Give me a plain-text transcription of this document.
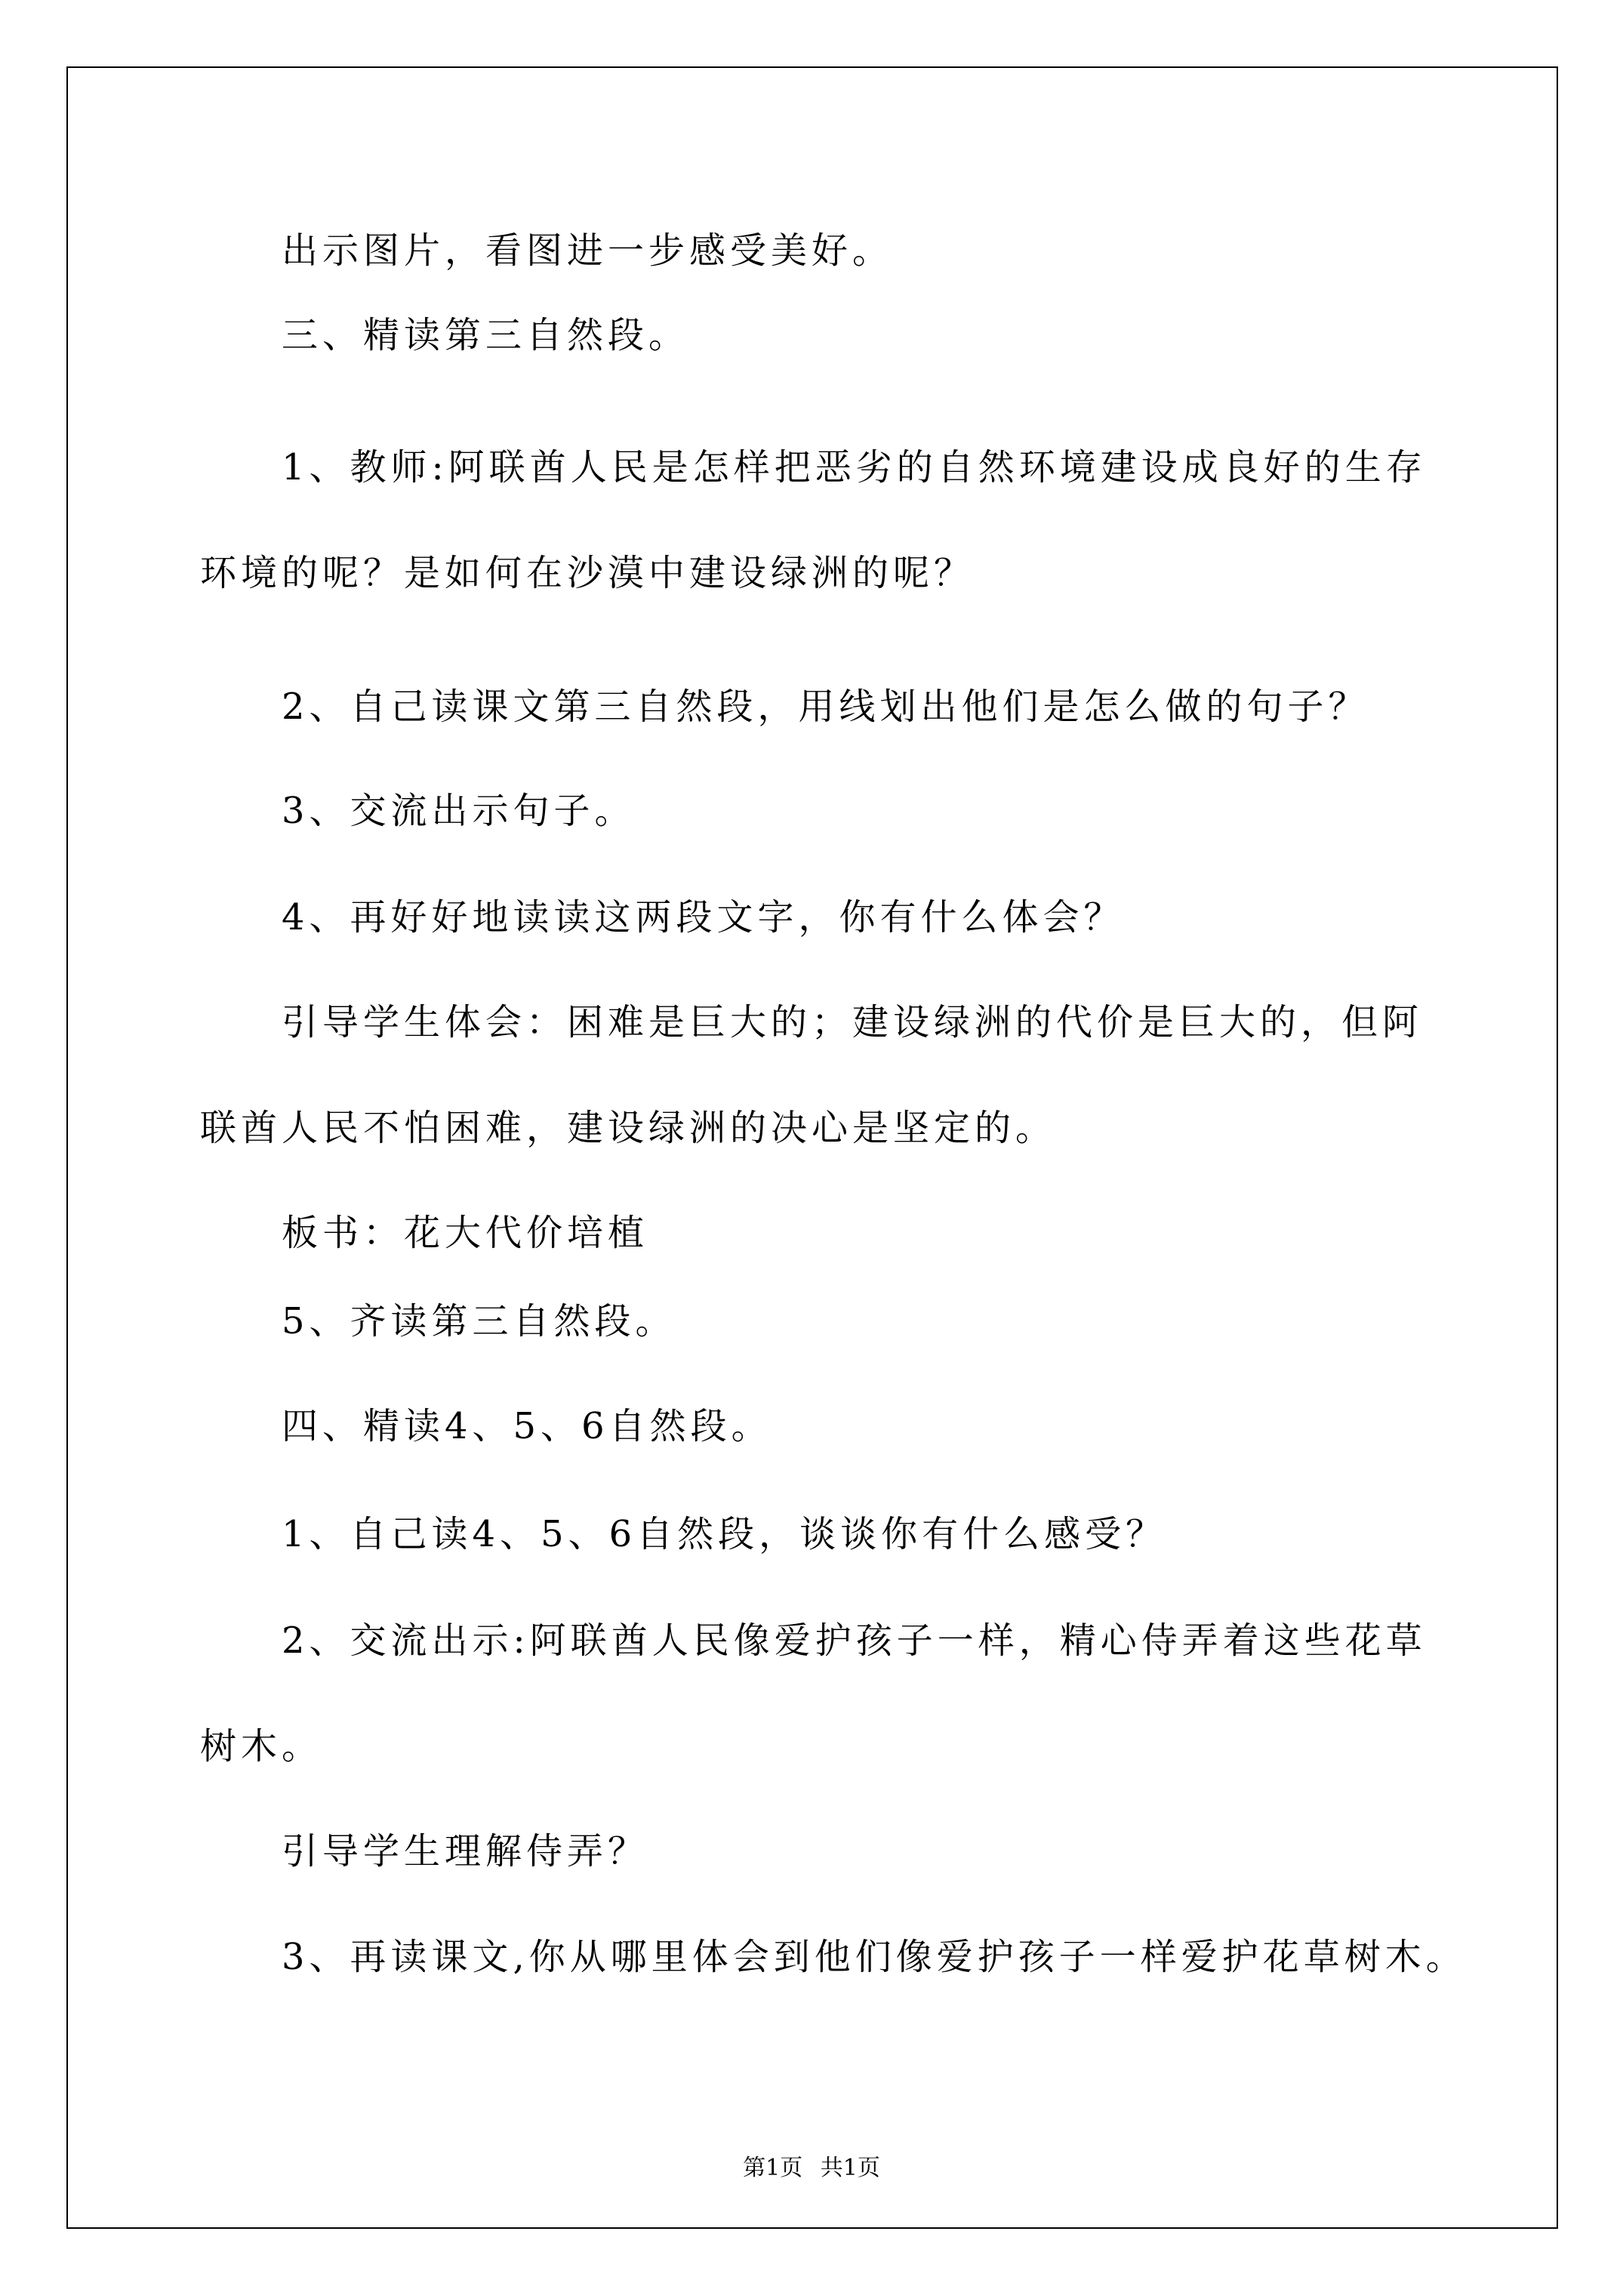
出示图片，看图进一步感受美好。
三、精读第三自然段。
1、教师:阿联酋人民是怎样把恶劣的自然环境建设成良好的生存
环境的呢？是如何在沙漠中建设绿洲的呢？
2、自己读课文第三自然段，用线划出他们是怎么做的句子？
3、交流出示句子。
4、再好好地读读这两段文字，你有什么体会？
引导学生体会：困难是巨大的；建设绿洲的代价是巨大的，但阿
联酋人民不怕困难，建设绿洲的决心是坚定的。
板书：花大代价培植
5、齐读第三自然段。
四、精读4、5、6自然段。
1、自己读4、5、6自然段，谈谈你有什么感受？
2、交流出示:阿联酋人民像爱护孩子一样，精心侍弄着这些花草
树木。
引导学生理解侍弄？
3、再读课文,你从哪里体会到他们像爱护孩子一样爱护花草树木。
第1页 共1页
